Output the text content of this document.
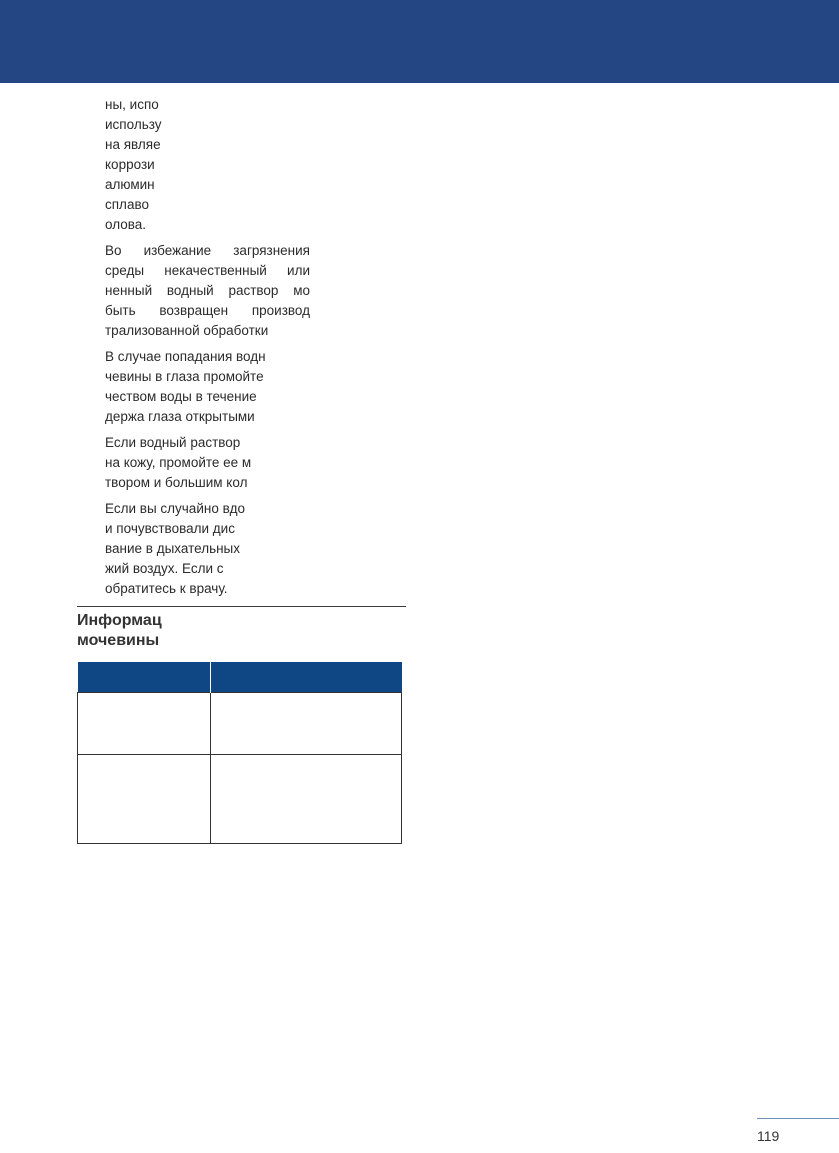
ны, испо
использу
на являе
коррози
алюмин
сплаво
олова.

Во избежание загрязнения
среды некачественный или
ненный водный раствор мо
быть возвращен производ
трализованной обработки

В случае попадания водн
чевины в глаза промойте
чеством воды в течение
держа глаза открытыми

Если водный раствор
на кожу, промойте ее м
твором и большим кол

Если вы случайно вдо
и почувствовали дис
вание в дыхательных
жий воздух. Если с
обратитесь к врачу.

Информац
мочевины

119
